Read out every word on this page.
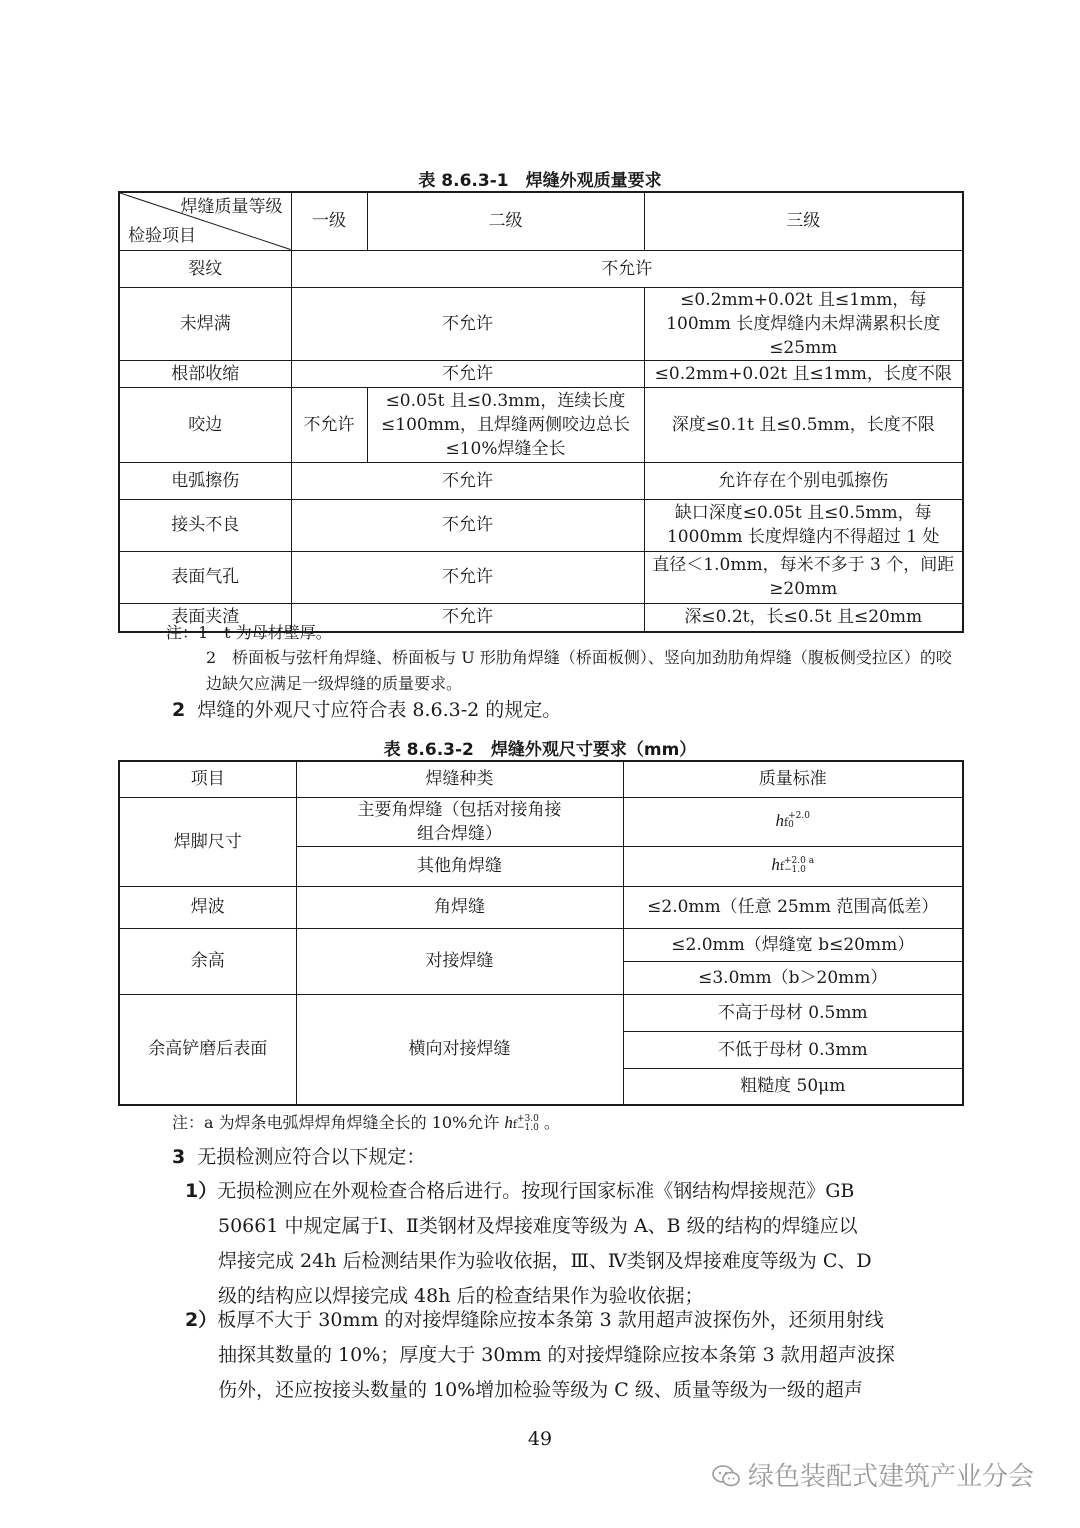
表 8.6.3-1　焊缝外观质量要求
焊缝质量等级
检验项目	一级	二级	三级
裂纹	不允许		
未焊满	不允许		≤0.2mm+0.02t 且≤1mm，每 100mm 长度焊缝内未焊满累积长度≤25mm
根部收缩	不允许		≤0.2mm+0.02t 且≤1mm，长度不限
咬边	不允许	≤0.05t 且≤0.3mm，连续长度≤100mm，且焊缝两侧咬边总长≤10%焊缝全长	深度≤0.1t 且≤0.5mm，长度不限
电弧擦伤	不允许		允许存在个别电弧擦伤
接头不良	不允许		缺口深度≤0.05t 且≤0.5mm，每 1000mm 长度焊缝内不得超过 1 处
表面气孔	不允许		直径＜1.0mm，每米不多于 3 个，间距≥20mm
表面夹渣	不允许		深≤0.2t，长≤0.5t 且≤20mm
注：1　t 为母材壁厚。
2　桥面板与弦杆角焊缝、桥面板与 U 形肋角焊缝（桥面板侧）、竖向加劲肋角焊缝（腹板侧受拉区）的咬边缺欠应满足一级焊缝的质量要求。
2 焊缝的外观尺寸应符合表 8.6.3-2 的规定。
表 8.6.3-2　焊缝外观尺寸要求（mm）
项目	焊缝种类	质量标准
焊脚尺寸	主要角焊缝（包括对接角接组合焊缝）	hf +2.0
0

	其他角焊缝	hf +2.0 a
−1.0

焊波	角焊缝	≤2.0mm（任意 25mm 范围高低差）
余高	对接焊缝	≤2.0mm（焊缝宽 b≤20mm）
		≤3.0mm（b＞20mm）
余高铲磨后表面	横向对接焊缝	不高于母材 0.5mm
		不低于母材 0.3mm
		粗糙度 50μm
注：a 为焊条电弧焊焊角焊缝全长的 10%允许 hf +3.0
−1.0 。
3 无损检测应符合以下规定：
1）无损检测应在外观检查合格后进行。按现行国家标准《钢结构焊接规范》GB
50661 中规定属于Ⅰ、Ⅱ类钢材及焊接难度等级为 A、B 级的结构的焊缝应以
焊接完成 24h 后检测结果作为验收依据，Ⅲ、Ⅳ类钢及焊接难度等级为 C、D
级的结构应以焊接完成 48h 后的检查结果作为验收依据；
2）板厚不大于 30mm 的对接焊缝除应按本条第 3 款用超声波探伤外，还须用射线
抽探其数量的 10%；厚度大于 30mm 的对接焊缝除应按本条第 3 款用超声波探
伤外，还应按接头数量的 10%增加检验等级为 C 级、质量等级为一级的超声
49
绿色装配式建筑产业分会
